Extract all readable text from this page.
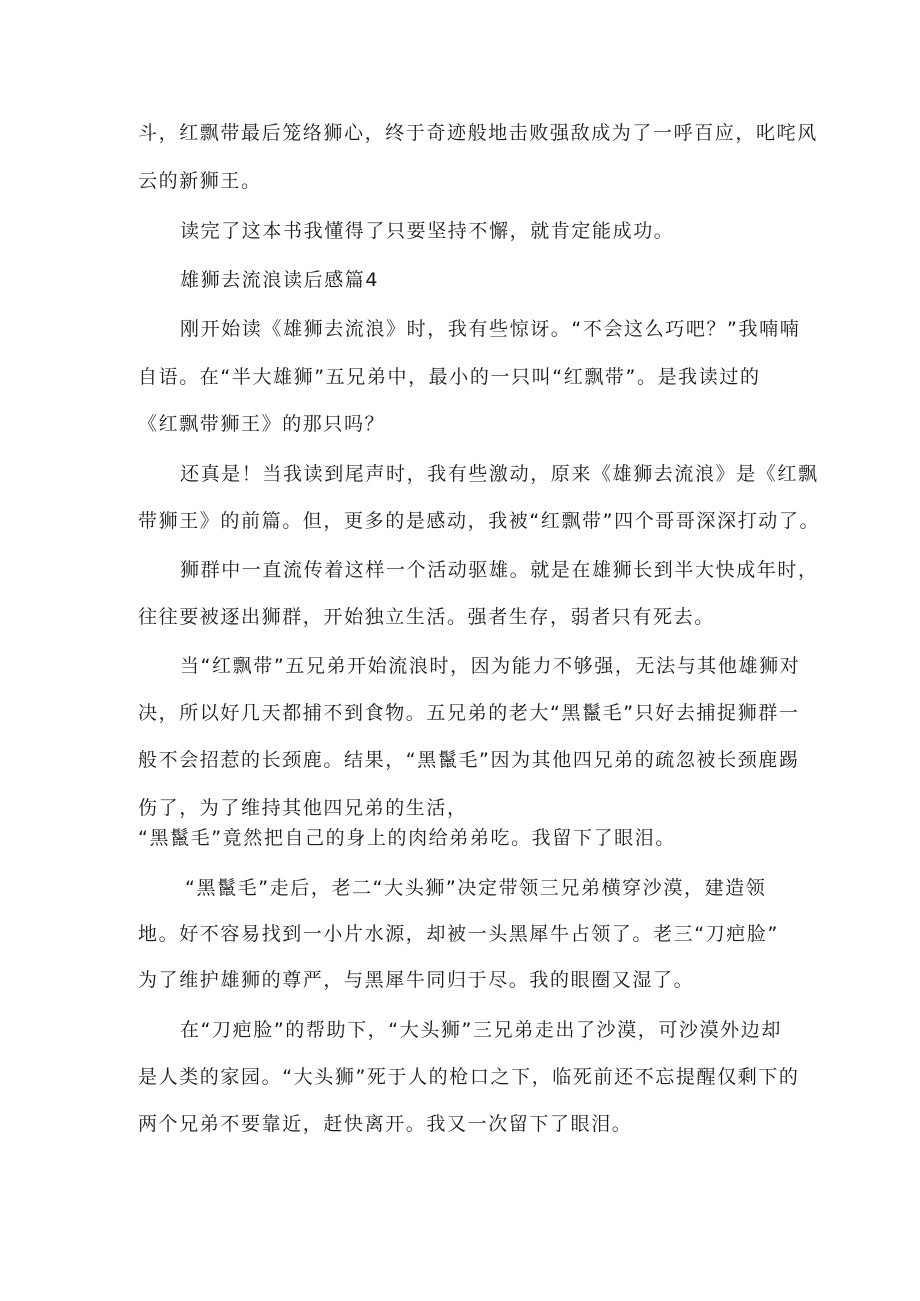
斗，红飘带最后笼络狮心，终于奇迹般地击败强敌成为了一呼百应，叱咤风
云的新狮王。
读完了这本书我懂得了只要坚持不懈，就肯定能成功。
雄狮去流浪读后感篇4
刚开始读《雄狮去流浪》时，我有些惊讶。“不会这么巧吧？”我喃喃
自语。在“半大雄狮”五兄弟中，最小的一只叫“红飘带”。是我读过的
《红飘带狮王》的那只吗？
还真是！当我读到尾声时，我有些激动，原来《雄狮去流浪》是《红飘
带狮王》的前篇。但，更多的是感动，我被“红飘带”四个哥哥深深打动了。
狮群中一直流传着这样一个活动驱雄。就是在雄狮长到半大快成年时，
往往要被逐出狮群，开始独立生活。强者生存，弱者只有死去。
当“红飘带”五兄弟开始流浪时，因为能力不够强，无法与其他雄狮对
决，所以好几天都捕不到食物。五兄弟的老大“黑鬣毛”只好去捕捉狮群一
般不会招惹的长颈鹿。结果，“黑鬣毛”因为其他四兄弟的疏忽被长颈鹿踢
伤了，为了维持其他四兄弟的生活，
“黑鬣毛”竟然把自己的身上的肉给弟弟吃。我留下了眼泪。
“黑鬣毛”走后，老二“大头狮”决定带领三兄弟横穿沙漠，建造领
地。好不容易找到一小片水源，却被一头黑犀牛占领了。老三“刀疤脸”
为了维护雄狮的尊严，与黑犀牛同归于尽。我的眼圈又湿了。
在“刀疤脸”的帮助下，“大头狮”三兄弟走出了沙漠，可沙漠外边却
是人类的家园。“大头狮”死于人的枪口之下，临死前还不忘提醒仅剩下的
两个兄弟不要靠近，赶快离开。我又一次留下了眼泪。
